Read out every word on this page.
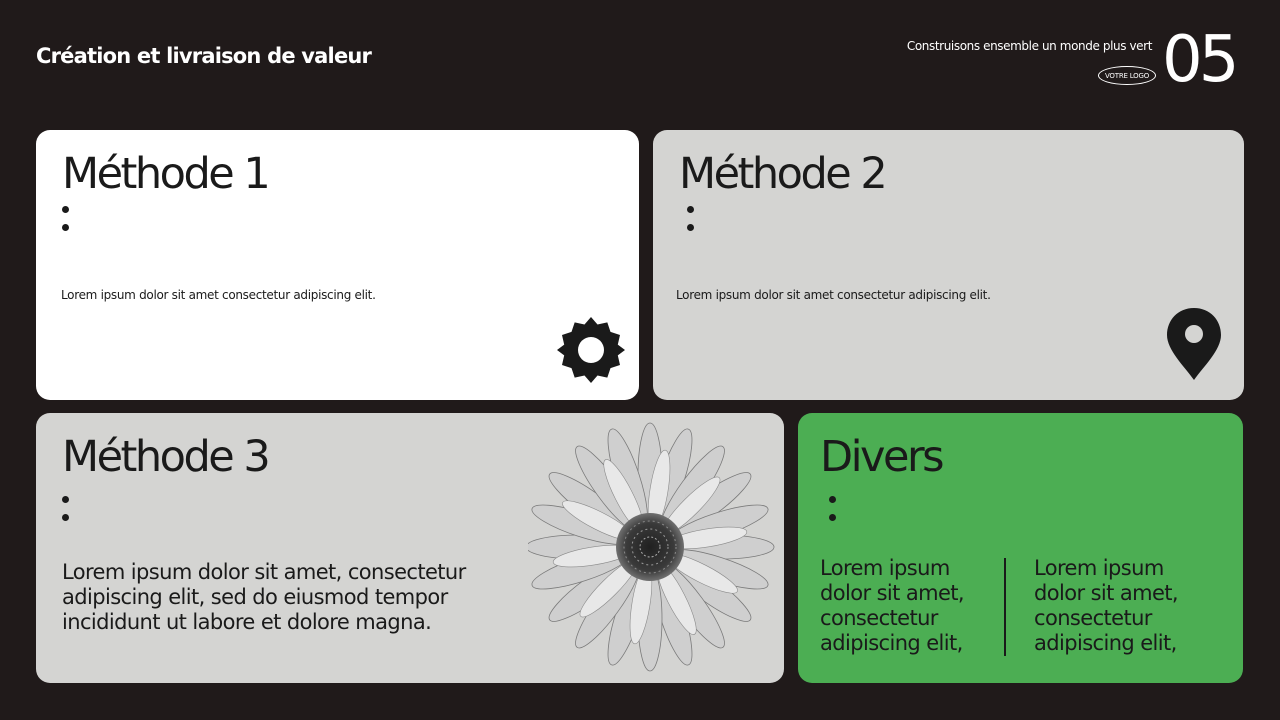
Création et livraison de valeur	Construisons ensemble un monde plus vert
VOTRE LOGO 05
Méthode 1

Lorem ipsum dolor sit amet consectetur adipiscing elit.

Méthode 2

Lorem ipsum dolor sit amet consectetur adipiscing elit.

Méthode 3

Lorem ipsum dolor sit amet, consectetur adipiscing elit, sed do eiusmod tempor incididunt ut labore et dolore magna.

Divers

Lorem ipsum dolor sit amet, consectetur adipiscing elit,

Lorem ipsum dolor sit amet, consectetur adipiscing elit,
